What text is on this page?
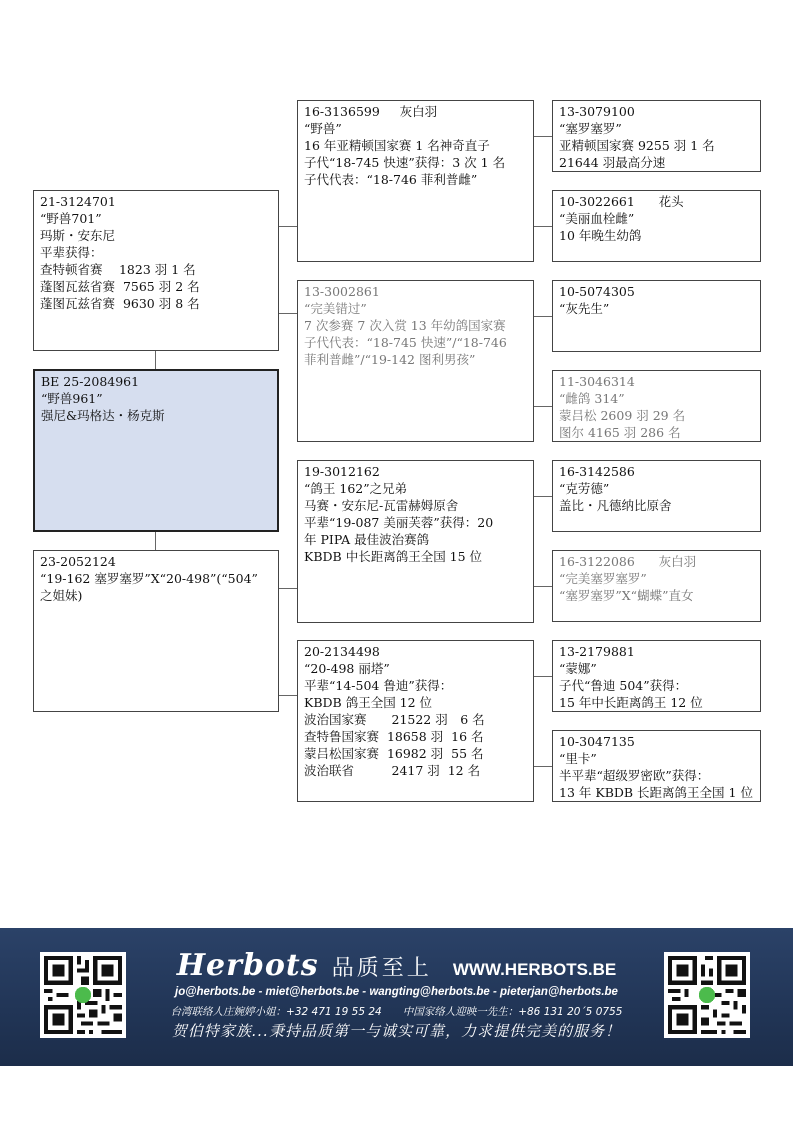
21-3124701
“野兽701”
玛斯・安东尼
平辈获得：
查特顿省赛　 1823 羽 1 名
蓬图瓦兹省赛  7565 羽 2 名
蓬图瓦兹省赛  9630 羽 8 名
BE 25-2084961
“野兽961”
强尼&玛格达・杨克斯
23-2052124
“19-162 塞罗塞罗”X“20-498”(“504”
之姐妹)
16-3136599     灰白羽
“野兽”
16 年亚精顿国家赛 1 名神奇直子
子代“18-745 快速”获得：3 次 1 名
子代代表：“18-746 菲利普雌”
13-3002861
“完美错过”
7 次参赛 7 次入赏 13 年幼鸽国家赛
子代代表：“18-745 快速”/“18-746
菲利普雌”/“19-142 图利男孩”
19-3012162
“鸽王 162”之兄弟
马赛・安东尼-瓦雷赫姆原舍
平辈“19-087 美丽芙蓉”获得：20
年 PIPA 最佳波治赛鸽
KBDB 中长距离鸽王全国 15 位
20-2134498
“20-498 丽塔”
平辈“14-504 鲁迪”获得：
KBDB 鸽王全国 12 位
波治国家赛　　21522 羽　6 名
查特鲁国家赛  18658 羽  16 名
蒙吕松国家赛  16982 羽  55 名
波治联省　　　2417 羽  12 名
13-3079100
“塞罗塞罗”
亚精顿国家赛 9255 羽 1 名
21644 羽最高分速
10-3022661      花头
“美丽血栓雌”
10 年晚生幼鸽
10-5074305
“灰先生”
11-3046314
“雌鸽 314”
蒙吕松 2609 羽 29 名
图尔 4165 羽 286 名
16-3142586
“克劳德”
盖比・凡德纳比原舍
16-3122086      灰白羽
“完美塞罗塞罗”
“塞罗塞罗”X“蝴蝶”直女
13-2179881
“蒙娜”
子代“鲁迪 504”获得：
15 年中长距离鸽王 12 位
10-3047135
“里卡”
半平辈“超级罗密欧”获得：
13 年 KBDB 长距离鸽王全国 1 位
Herbots 品质至上 WWW.HERBOTS.BE
jo@herbots.be - miet@herbots.be - wangting@herbots.be - pieterjan@herbots.be
台湾联络人庄婉婷小姐：+32 471 19 55 24　　中国家络人迎映一先生：+86 131 20´5 0755
贺伯特家族...秉持品质第一与诚实可靠，力求提供完美的服务！
